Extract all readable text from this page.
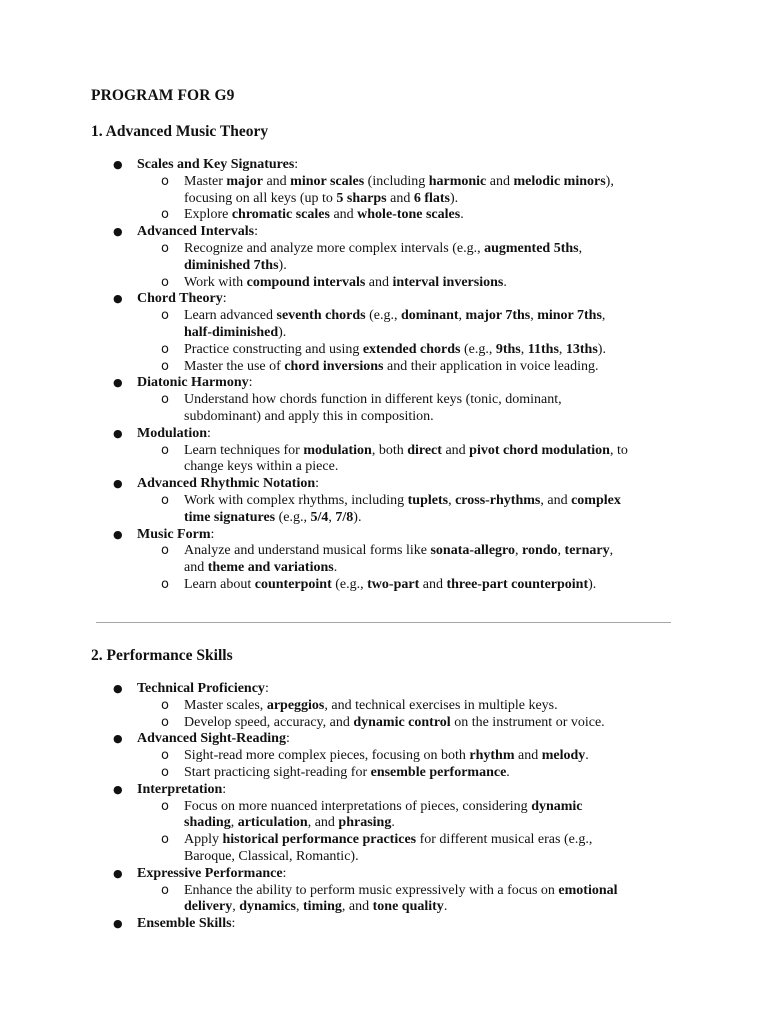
PROGRAM FOR G9
1. Advanced Music Theory
● Scales and Key Signatures:
o Master major and minor scales (including harmonic and melodic minors),
focusing on all keys (up to 5 sharps and 6 flats).
o Explore chromatic scales and whole-tone scales.
● Advanced Intervals:
o Recognize and analyze more complex intervals (e.g., augmented 5ths,
diminished 7ths).
o Work with compound intervals and interval inversions.
● Chord Theory:
o Learn advanced seventh chords (e.g., dominant, major 7ths, minor 7ths,
half-diminished).
o Practice constructing and using extended chords (e.g., 9ths, 11ths, 13ths).
o Master the use of chord inversions and their application in voice leading.
● Diatonic Harmony:
o Understand how chords function in different keys (tonic, dominant,
subdominant) and apply this in composition.
● Modulation:
o Learn techniques for modulation, both direct and pivot chord modulation, to
change keys within a piece.
● Advanced Rhythmic Notation:
o Work with complex rhythms, including tuplets, cross-rhythms, and complex
time signatures (e.g., 5/4, 7/8).
● Music Form:
o Analyze and understand musical forms like sonata-allegro, rondo, ternary,
and theme and variations.
o Learn about counterpoint (e.g., two-part and three-part counterpoint).
2. Performance Skills
● Technical Proficiency:
o Master scales, arpeggios, and technical exercises in multiple keys.
o Develop speed, accuracy, and dynamic control on the instrument or voice.
● Advanced Sight-Reading:
o Sight-read more complex pieces, focusing on both rhythm and melody.
o Start practicing sight-reading for ensemble performance.
● Interpretation:
o Focus on more nuanced interpretations of pieces, considering dynamic
shading, articulation, and phrasing.
o Apply historical performance practices for different musical eras (e.g.,
Baroque, Classical, Romantic).
● Expressive Performance:
o Enhance the ability to perform music expressively with a focus on emotional
delivery, dynamics, timing, and tone quality.
● Ensemble Skills:
